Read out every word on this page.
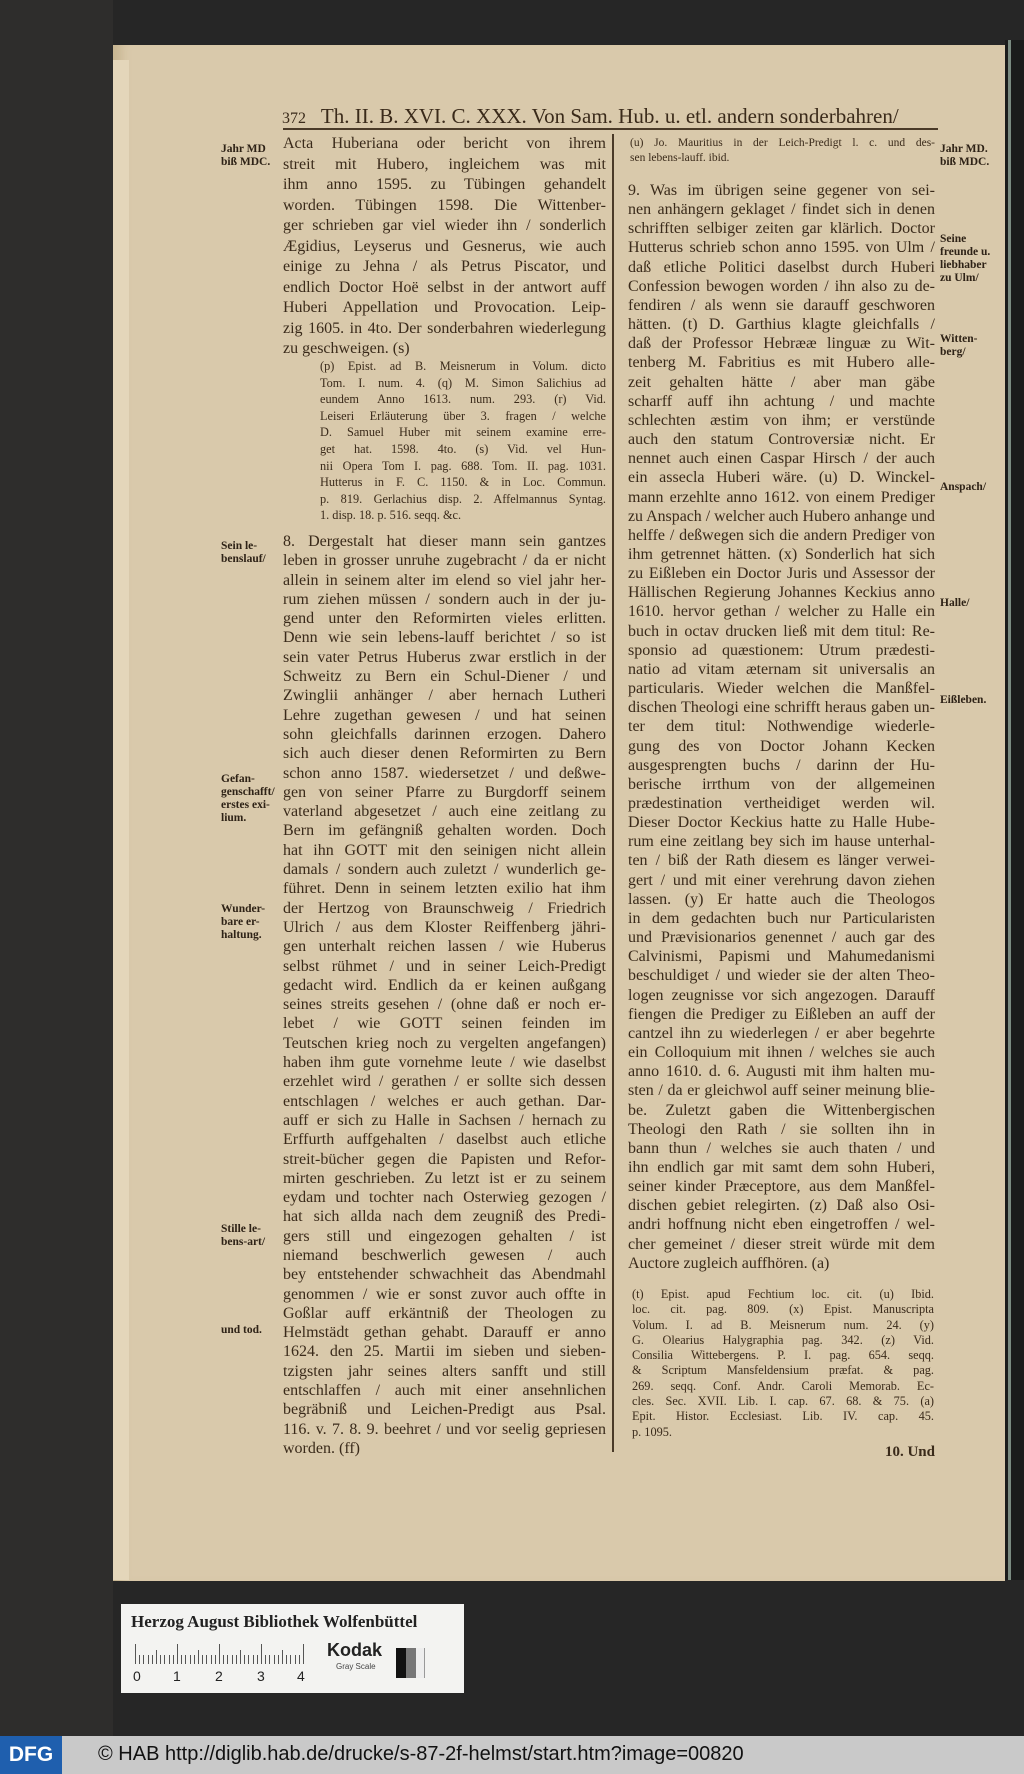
372 Th. II. B. XVI. C. XXX. Von Sam. Hub. u. etl. andern sonderbahren/
Acta Huberiana oder bericht von ihrem
streit mit Hubero, ingleichem was mit
ihm anno 1595. zu Tübingen gehandelt
worden. Tübingen 1598. Die Wittenber-
ger schrieben gar viel wieder ihn / sonderlich
Ægidius, Leyserus und Gesnerus, wie auch
einige zu Jehna / als Petrus Piscator, und
endlich Doctor Hoë selbst in der antwort auff
Huberi Appellation und Provocation. Leip-
zig 1605. in 4to. Der sonderbahren wiederlegung
zu geschweigen. (s)
(p) Epist. ad B. Meisnerum in Volum. dicto
Tom. I. num. 4. (q) M. Simon Salichius ad
eundem Anno 1613. num. 293. (r) Vid.
Leiseri Erläuterung über 3. fragen / welche
D. Samuel Huber mit seinem examine erre-
get hat. 1598. 4to. (s) Vid. vel Hun-
nii Opera Tom I. pag. 688. Tom. II. pag. 1031.
Hutterus in F. C. 1150. & in Loc. Commun.
p. 819. Gerlachius disp. 2. Affelmannus Syntag.
1. disp. 18. p. 516. seqq. &c.
8. Dergestalt hat dieser mann sein gantzes
leben in grosser unruhe zugebracht / da er nicht
allein in seinem alter im elend so viel jahr her-
rum ziehen müssen / sondern auch in der ju-
gend unter den Reformirten vieles erlitten.
Denn wie sein lebens-lauff berichtet / so ist
sein vater Petrus Huberus zwar erstlich in der
Schweitz zu Bern ein Schul-Diener / und
Zwinglii anhänger / aber hernach Lutheri
Lehre zugethan gewesen / und hat seinen
sohn gleichfalls darinnen erzogen. Dahero
sich auch dieser denen Reformirten zu Bern
schon anno 1587. wiedersetzet / und deßwe-
gen von seiner Pfarre zu Burgdorff seinem
vaterland abgesetzet / auch eine zeitlang zu
Bern im gefängniß gehalten worden. Doch
hat ihn GOTT mit den seinigen nicht allein
damals / sondern auch zuletzt / wunderlich ge-
führet. Denn in seinem letzten exilio hat ihm
der Hertzog von Braunschweig / Friedrich
Ulrich / aus dem Kloster Reiffenberg jähri-
gen unterhalt reichen lassen / wie Huberus
selbst rühmet / und in seiner Leich-Predigt
gedacht wird. Endlich da er keinen außgang
seines streits gesehen / (ohne daß er noch er-
lebet / wie GOTT seinen feinden im
Teutschen krieg noch zu vergelten angefangen)
haben ihm gute vornehme leute / wie daselbst
erzehlet wird / gerathen / er sollte sich dessen
entschlagen / welches er auch gethan. Dar-
auff er sich zu Halle in Sachsen / hernach zu
Erffurth auffgehalten / daselbst auch etliche
streit-bücher gegen die Papisten und Refor-
mirten geschrieben. Zu letzt ist er zu seinem
eydam und tochter nach Osterwieg gezogen /
hat sich allda nach dem zeugniß des Predi-
gers still und eingezogen gehalten / ist
niemand beschwerlich gewesen / auch
bey entstehender schwachheit das Abendmahl
genommen / wie er sonst zuvor auch offte in
Goßlar auff erkäntniß der Theologen zu
Helmstädt gethan gehabt. Darauff er anno
1624. den 25. Martii im sieben und sieben-
tzigsten jahr seines alters sanfft und still
entschlaffen / auch mit einer ansehnlichen
begräbniß und Leichen-Predigt aus Psal.
116. v. 7. 8. 9. beehret / und vor seelig gepriesen
worden. (ff)
(u) Jo. Mauritius in der Leich-Predigt l. c. und des-
sen lebens-lauff. ibid.
9. Was im übrigen seine gegener von sei-
nen anhängern geklaget / findet sich in denen
schrifften selbiger zeiten gar klärlich. Doctor
Hutterus schrieb schon anno 1595. von Ulm /
daß etliche Politici daselbst durch Huberi
Confession bewogen worden / ihn also zu de-
fendiren / als wenn sie darauff geschworen
hätten. (t) D. Garthius klagte gleichfalls /
daß der Professor Hebrææ linguæ zu Wit-
tenberg M. Fabritius es mit Hubero alle-
zeit gehalten hätte / aber man gäbe
scharff auff ihn achtung / und machte
schlechten æstim von ihm; er verstünde
auch den statum Controversiæ nicht. Er
nennet auch einen Caspar Hirsch / der auch
ein assecla Huberi wäre. (u) D. Winckel-
mann erzehlte anno 1612. von einem Prediger
zu Anspach / welcher auch Hubero anhange und
helffe / deßwegen sich die andern Prediger von
ihm getrennet hätten. (x) Sonderlich hat sich
zu Eißleben ein Doctor Juris und Assessor der
Hällischen Regierung Johannes Keckius anno
1610. hervor gethan / welcher zu Halle ein
buch in octav drucken ließ mit dem titul: Re-
sponsio ad quæstionem: Utrum prædesti-
natio ad vitam æternam sit universalis an
particularis. Wieder welchen die Manßfel-
dischen Theologi eine schrifft heraus gaben un-
ter dem titul: Nothwendige wiederle-
gung des von Doctor Johann Kecken
ausgesprengten buchs / darinn der Hu-
berische irrthum von der allgemeinen
prædestination vertheidiget werden wil.
Dieser Doctor Keckius hatte zu Halle Hube-
rum eine zeitlang bey sich im hause unterhal-
ten / biß der Rath diesem es länger verwei-
gert / und mit einer verehrung davon ziehen
lassen. (y) Er hatte auch die Theologos
in dem gedachten buch nur Particularisten
und Prævisionarios genennet / auch gar des
Calvinismi, Papismi und Mahumedanismi
beschuldiget / und wieder sie der alten Theo-
logen zeugnisse vor sich angezogen. Darauff
fiengen die Prediger zu Eißleben an auff der
cantzel ihn zu wiederlegen / er aber begehrte
ein Colloquium mit ihnen / welches sie auch
anno 1610. d. 6. Augusti mit ihm halten mu-
sten / da er gleichwol auff seiner meinung blie-
be. Zuletzt gaben die Wittenbergischen
Theologi den Rath / sie sollten ihn in
bann thun / welches sie auch thaten / und
ihn endlich gar mit samt dem sohn Huberi,
seiner kinder Præceptore, aus dem Manßfel-
dischen gebiet relegirten. (z) Daß also Osi-
andri hoffnung nicht eben eingetroffen / wel-
cher gemeinet / dieser streit würde mit dem
Auctore zugleich auffhören. (a)
(t) Epist. apud Fechtium loc. cit. (u) Ibid.
loc. cit. pag. 809. (x) Epist. Manuscripta
Volum. I. ad B. Meisnerum num. 24. (y)
G. Olearius Halygraphia pag. 342. (z) Vid.
Consilia Wittebergens. P. I. pag. 654. seqq.
& Scriptum Mansfeldensium præfat. & pag.
269. seqq. Conf. Andr. Caroli Memorab. Ec-
cles. Sec. XVII. Lib. I. cap. 67. 68. & 75. (a)
Epit. Histor. Ecclesiast. Lib. IV. cap. 45.
p. 1095.
10. Und
Jahr MD
biß MDC.
Sein le-
benslauf/
Gefan-
genschafft/
erstes exi-
lium.
Wunder-
bare er-
haltung.
Stille le-
bens-art/
und tod.
Jahr MD.
biß MDC.
Seine
freunde u.
liebhaber
zu Ulm/
Witten-
berg/
Anspach/
Halle/
Eißleben.
Herzog August Bibliothek Wolfenbüttel
0 1 2 3 4
Kodak
Gray Scale
DFG	© HAB http://diglib.hab.de/drucke/s-87-2f-helmst/start.htm?image=00820
